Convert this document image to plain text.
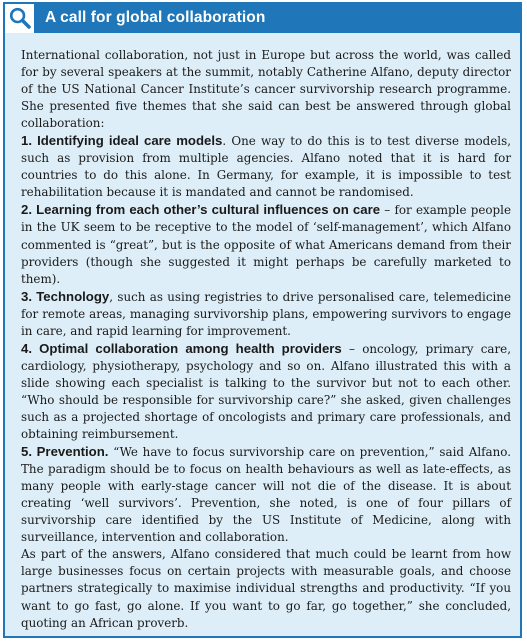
A call for global collaboration

International collaboration, not just in Europe but across the world, was called for by several speakers at the summit, notably Catherine Alfano, deputy director of the US National Cancer Institute’s cancer survivorship research programme. She presented five themes that she said can best be answered through global collaboration:

1. Identifying ideal care models. One way to do this is to test diverse models, such as provision from multiple agencies. Alfano noted that it is hard for countries to do this alone. In Germany, for example, it is impossible to test rehabilitation because it is mandated and cannot be randomised.

2. Learning from each other’s cultural influences on care – for example people in the UK seem to be receptive to the model of ‘self-management’, which Alfano commented is “great”, but is the opposite of what Americans demand from their providers (though she suggested it might perhaps be carefully marketed to them).

3. Technology, such as using registries to drive personalised care, telemedicine for remote areas, managing survivorship plans, empowering survivors to engage in care, and rapid learning for improvement.

4. Optimal collaboration among health providers – oncology, primary care, cardiology, physiotherapy, psychology and so on. Alfano illustrated this with a slide showing each specialist is talking to the survivor but not to each other. “Who should be responsible for survivorship care?” she asked, given challenges such as a projected shortage of oncologists and primary care professionals, and obtaining reimbursement.

5. Prevention. “We have to focus survivorship care on prevention,” said Alfano. The paradigm should be to focus on health behaviours as well as late-effects, as many people with early-stage cancer will not die of the disease. It is about creating ‘well survivors’. Prevention, she noted, is one of four pillars of survivorship care identified by the US Institute of Medicine, along with surveillance, intervention and collaboration.

As part of the answers, Alfano considered that much could be learnt from how large businesses focus on certain projects with measurable goals, and choose partners strategically to maximise individual strengths and productivity. “If you want to go fast, go alone. If you want to go far, go together,” she concluded, quoting an African proverb.
